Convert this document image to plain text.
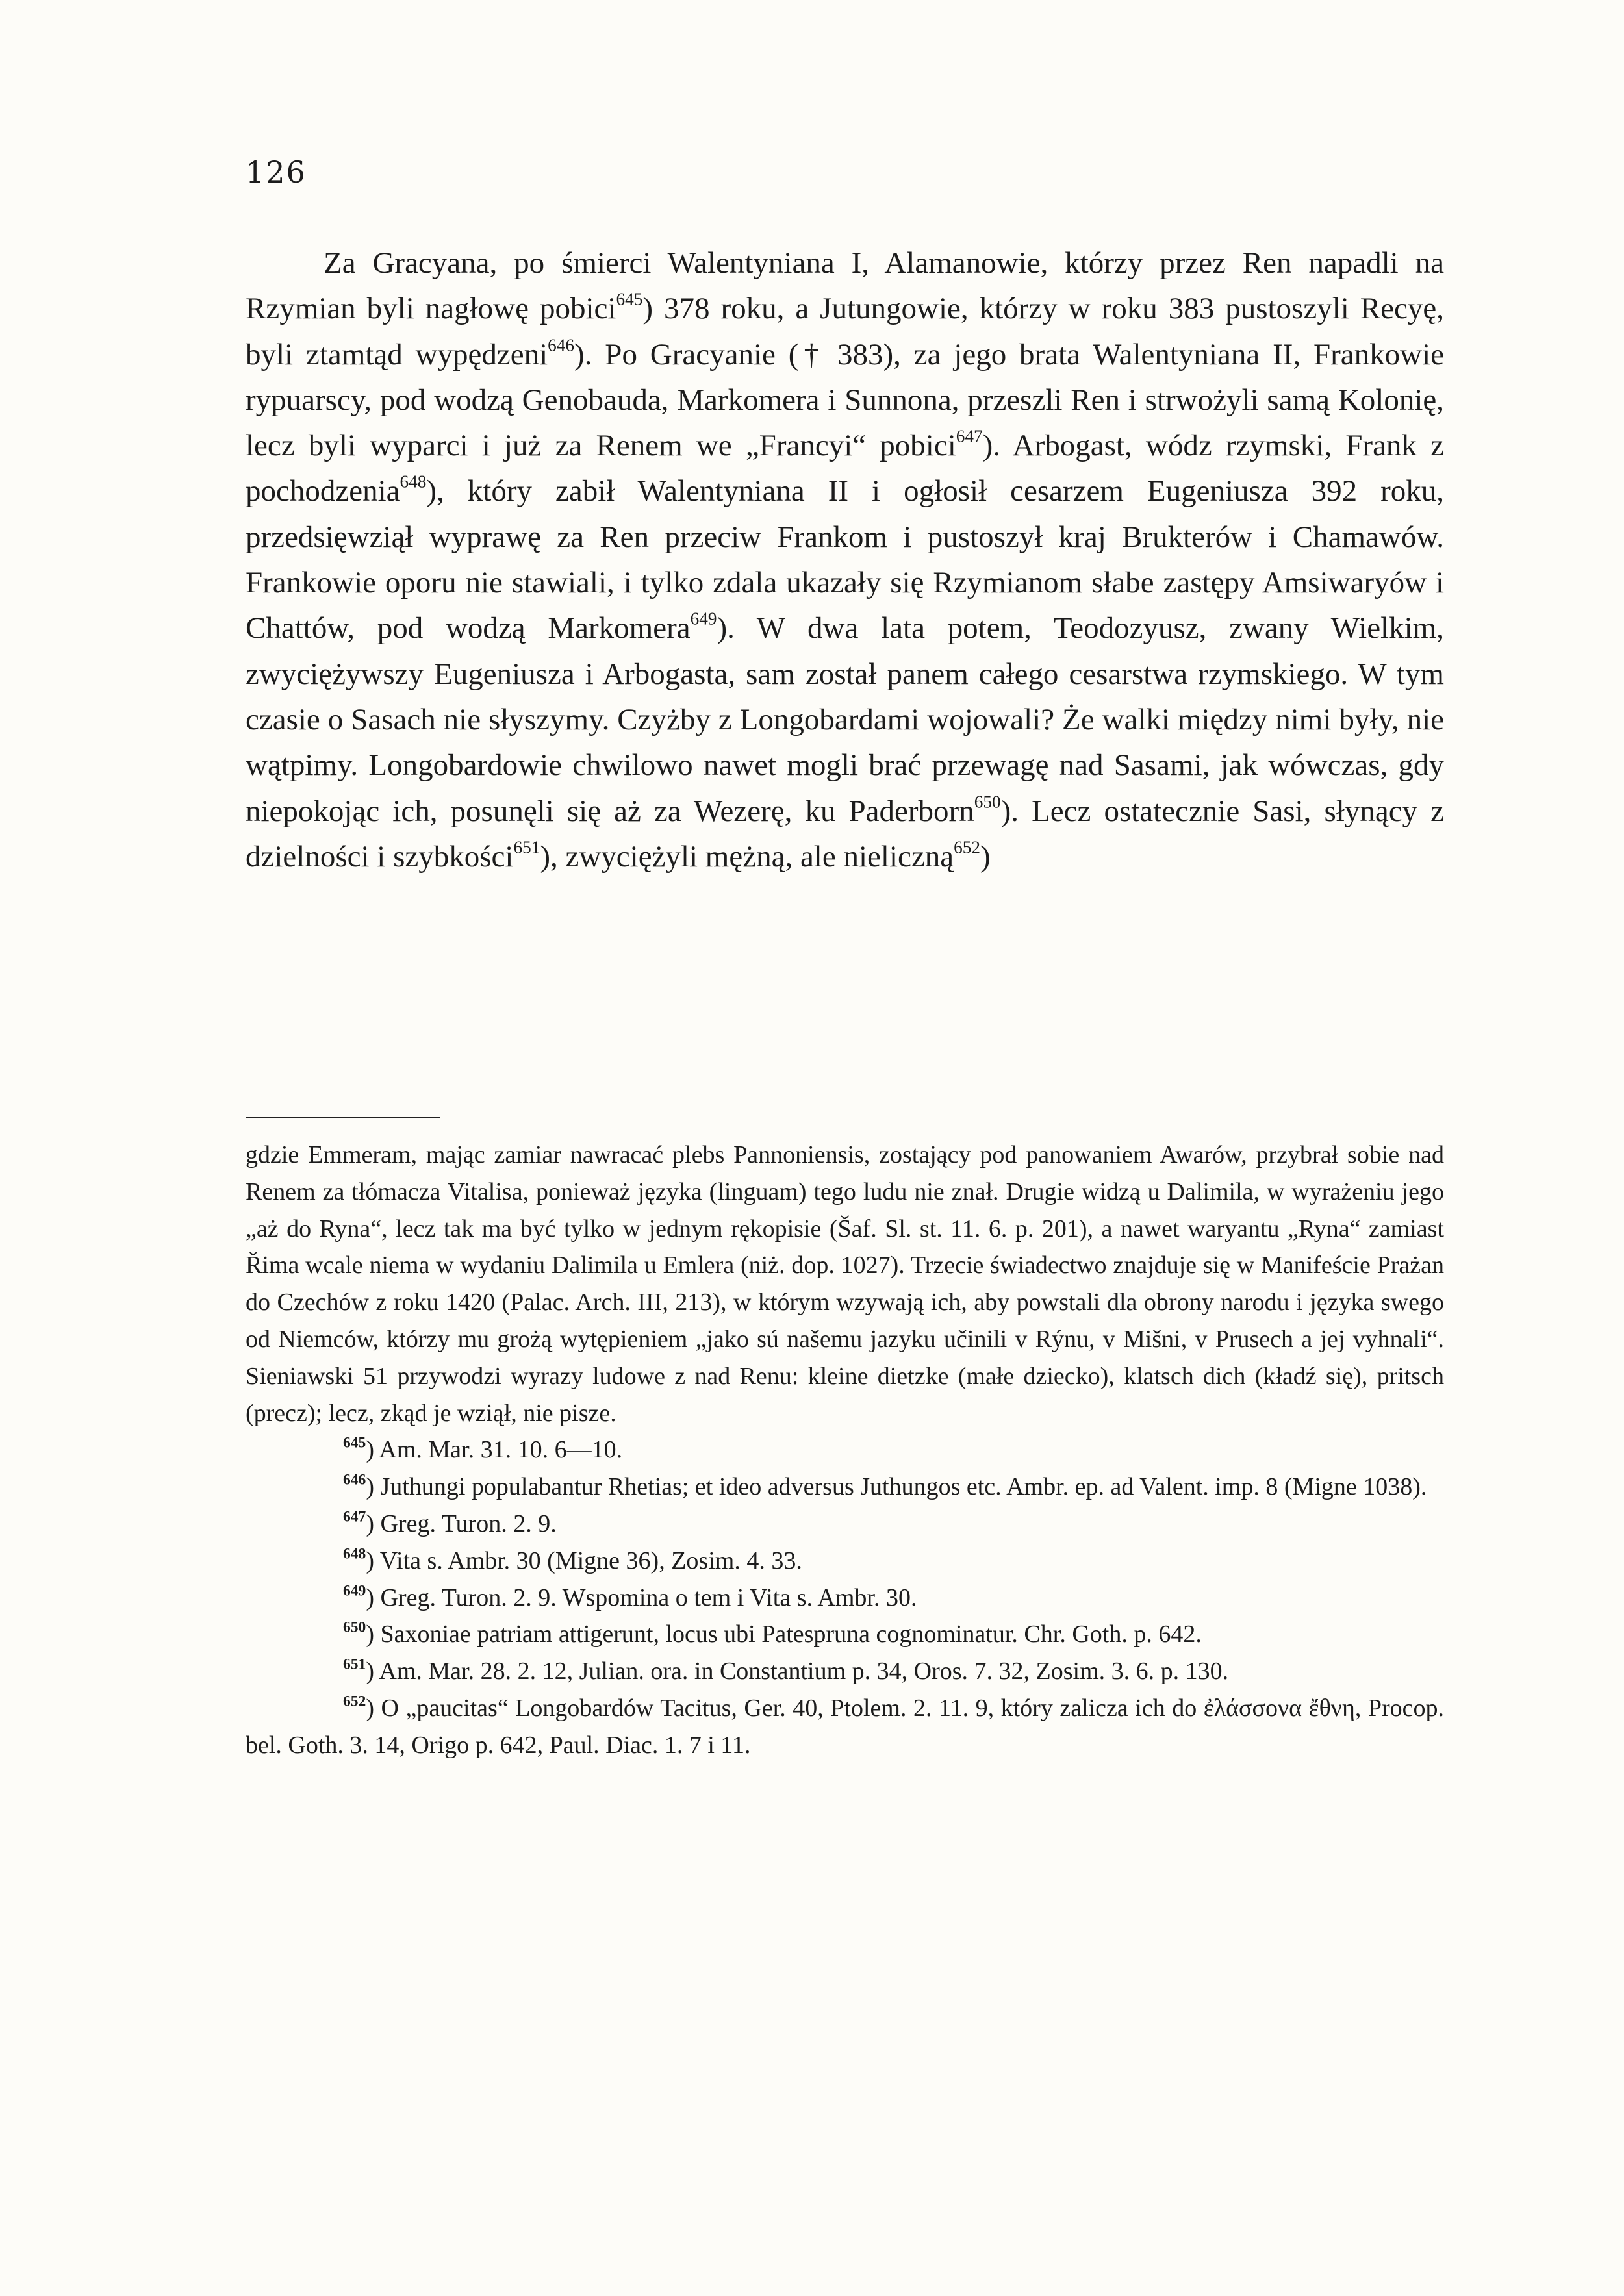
126

Za Gracyana, po śmierci Walentyniana I, Alamanowie, którzy przez Ren napadli na Rzymian byli nagłowę pobici$^{645}$) 378 roku, a Jutungowie, którzy w roku 383 pustoszyli Recyę, byli ztamtąd wypędzeni$^{646}$). Po Gracyanie († 383), za jego brata Walentyniana II, Frankowie rypuarscy, pod wodzą Genobauda, Markomera i Sunnona, przeszli Ren i strwożyli samą Kolonię, lecz byli wyparci i już za Renem we „Francyi“ pobici$^{647}$). Arbogast, wódz rzymski, Frank z pochodzenia$^{648}$), który zabił Walentyniana II i ogłosił cesarzem Eugeniusza 392 roku, przedsięwziął wyprawę za Ren przeciw Frankom i pustoszył kraj Brukterów i Chamawów. Frankowie oporu nie stawiali, i tylko zdala ukazały się Rzymianom słabe zastępy Amsiwaryów i Chattów, pod wodzą Markomera$^{649}$). W dwa lata potem, Teodozyusz, zwany Wielkim, zwyciężywszy Eugeniusza i Arbogasta, sam został panem całego cesarstwa rzymskiego. W tym czasie o Sasach nie słyszymy. Czyżby z Longobardami wojowali? Że walki między nimi były, nie wątpimy. Longobardowie chwilowo nawet mogli brać przewagę nad Sasami, jak wówczas, gdy niepokojąc ich, posunęli się aż za Wezerę, ku Paderborn$^{650}$). Lecz ostatecznie Sasi, słynący z dzielności i szybkości$^{651}$), zwyciężyli mężną, ale nieliczną$^{652}$)

gdzie Emmeram, mając zamiar nawracać plebs Pannoniensis, zostający pod panowaniem Awarów, przybrał sobie nad Renem za tłómacza Vitalisa, ponieważ języka (linguam) tego ludu nie znał. Drugie widzą u Dalimila, w wyrażeniu jego „aż do Ryna“, lecz tak ma być tylko w jednym rękopisie (Šaf. Sl. st. 11. 6. p. 201), a nawet waryantu „Ryna“ zamiast Řima wcale niema w wydaniu Dalimila u Emlera (niż. dop. 1027). Trzecie świadectwo znajduje się w Manifeście Prażan do Czechów z roku 1420 (Palac. Arch. III, 213), w którym wzywają ich, aby powstali dla obrony narodu i języka swego od Niemców, którzy mu grożą wytępieniem „jako sú našemu jazyku učinili v Rýnu, v Mišni, v Prusech a jej vyhnali“. Sieniawski 51 przywodzi wyrazy ludowe z nad Renu: kleine dietzke (małe dziecko), klatsch dich (kładź się), pritsch (precz); lecz, zkąd je wziął, nie pisze.

$^{645}$) Am. Mar. 31. 10. 6—10.

$^{646}$) Juthungi populabantur Rhetias; et ideo adversus Juthungos etc. Ambr. ep. ad Valent. imp. 8 (Migne 1038).

$^{647}$) Greg. Turon. 2. 9.

$^{648}$) Vita s. Ambr. 30 (Migne 36), Zosim. 4. 33.

$^{649}$) Greg. Turon. 2. 9. Wspomina o tem i Vita s. Ambr. 30.

$^{650}$) Saxoniae patriam attigerunt, locus ubi Patespruna cognominatur. Chr. Goth. p. 642.

$^{651}$) Am. Mar. 28. 2. 12, Julian. ora. in Constantium p. 34, Oros. 7. 32, Zosim. 3. 6. p. 130.

$^{652}$) O „paucitas“ Longobardów Tacitus, Ger. 40, Ptolem. 2. 11. 9, który zalicza ich do ἐλάσσονα ἔθνη, Procop. bel. Goth. 3. 14, Origo p. 642, Paul. Diac. 1. 7 i 11.
